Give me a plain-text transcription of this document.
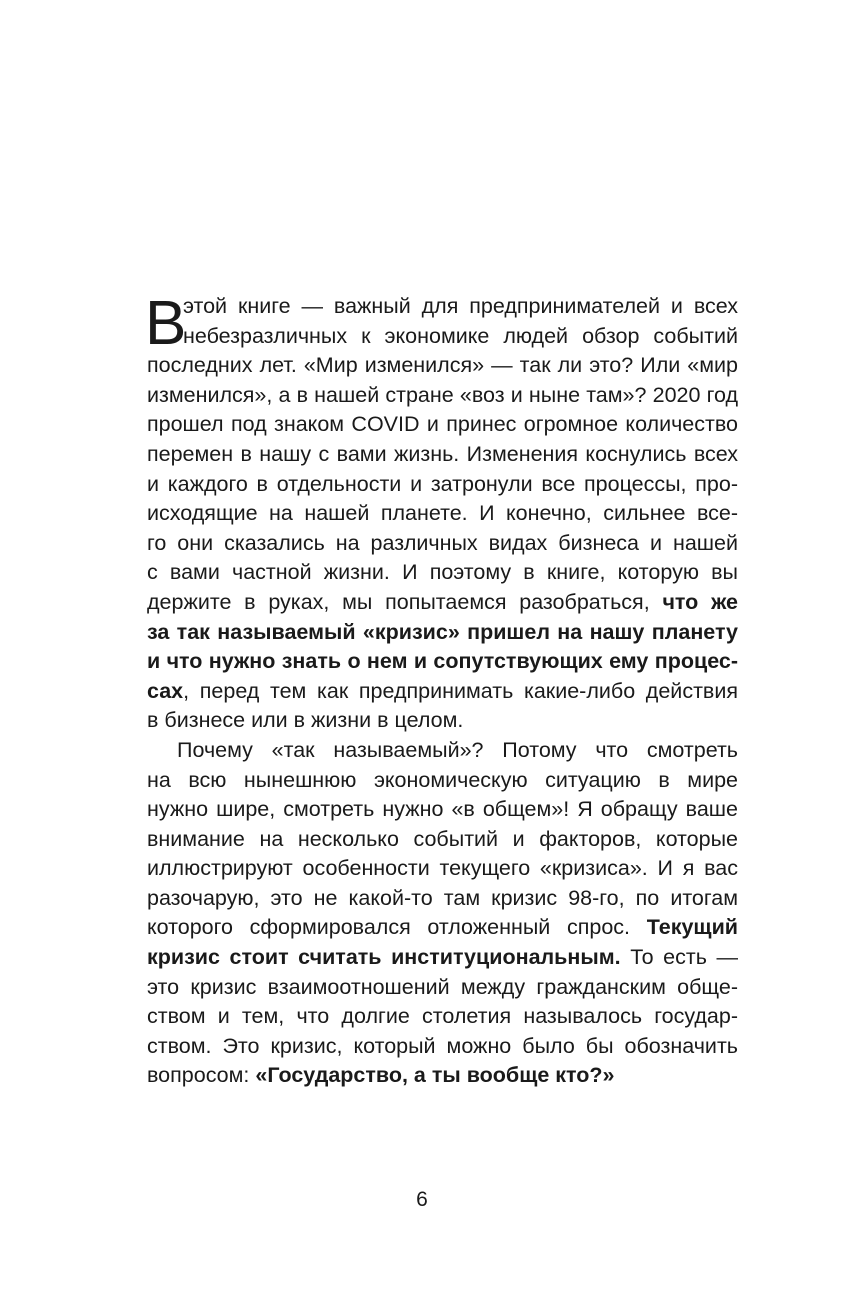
В
этой книге — важный для предпринимателей и всех
небезразличных к экономике людей обзор событий
последних лет. «Мир изменился» — так ли это? Или «мир
изменился», а в нашей стране «воз и ныне там»? 2020 год
прошел под знаком COVID и принес огромное количество
перемен в нашу с вами жизнь. Изменения коснулись всех
и каждого в отдельности и затронули все процессы, про-
исходящие на нашей планете. И конечно, сильнее все-
го они сказались на различных видах бизнеса и нашей
с вами частной жизни. И поэтому в книге, которую вы
держите в руках, мы попытаемся разобраться, что же
за так называемый «кризис» пришел на нашу планету
и что нужно знать о нем и сопутствующих ему процес-
сах, перед тем как предпринимать какие-либо действия
в бизнесе или в жизни в целом.
Почему «так называемый»? Потому что смотреть
на всю нынешнюю экономическую ситуацию в мире
нужно шире, смотреть нужно «в общем»! Я обращу ваше
внимание на несколько событий и факторов, которые
иллюстрируют особенности текущего «кризиса». И я вас
разочарую, это не какой-то там кризис 98-го, по итогам
которого сформировался отложенный спрос. Текущий
кризис стоит считать институциональным. То есть —
это кризис взаимоотношений между гражданским обще-
ством и тем, что долгие столетия называлось государ-
ством. Это кризис, который можно было бы обозначить
вопросом: «Государство, а ты вообще кто?»
6
